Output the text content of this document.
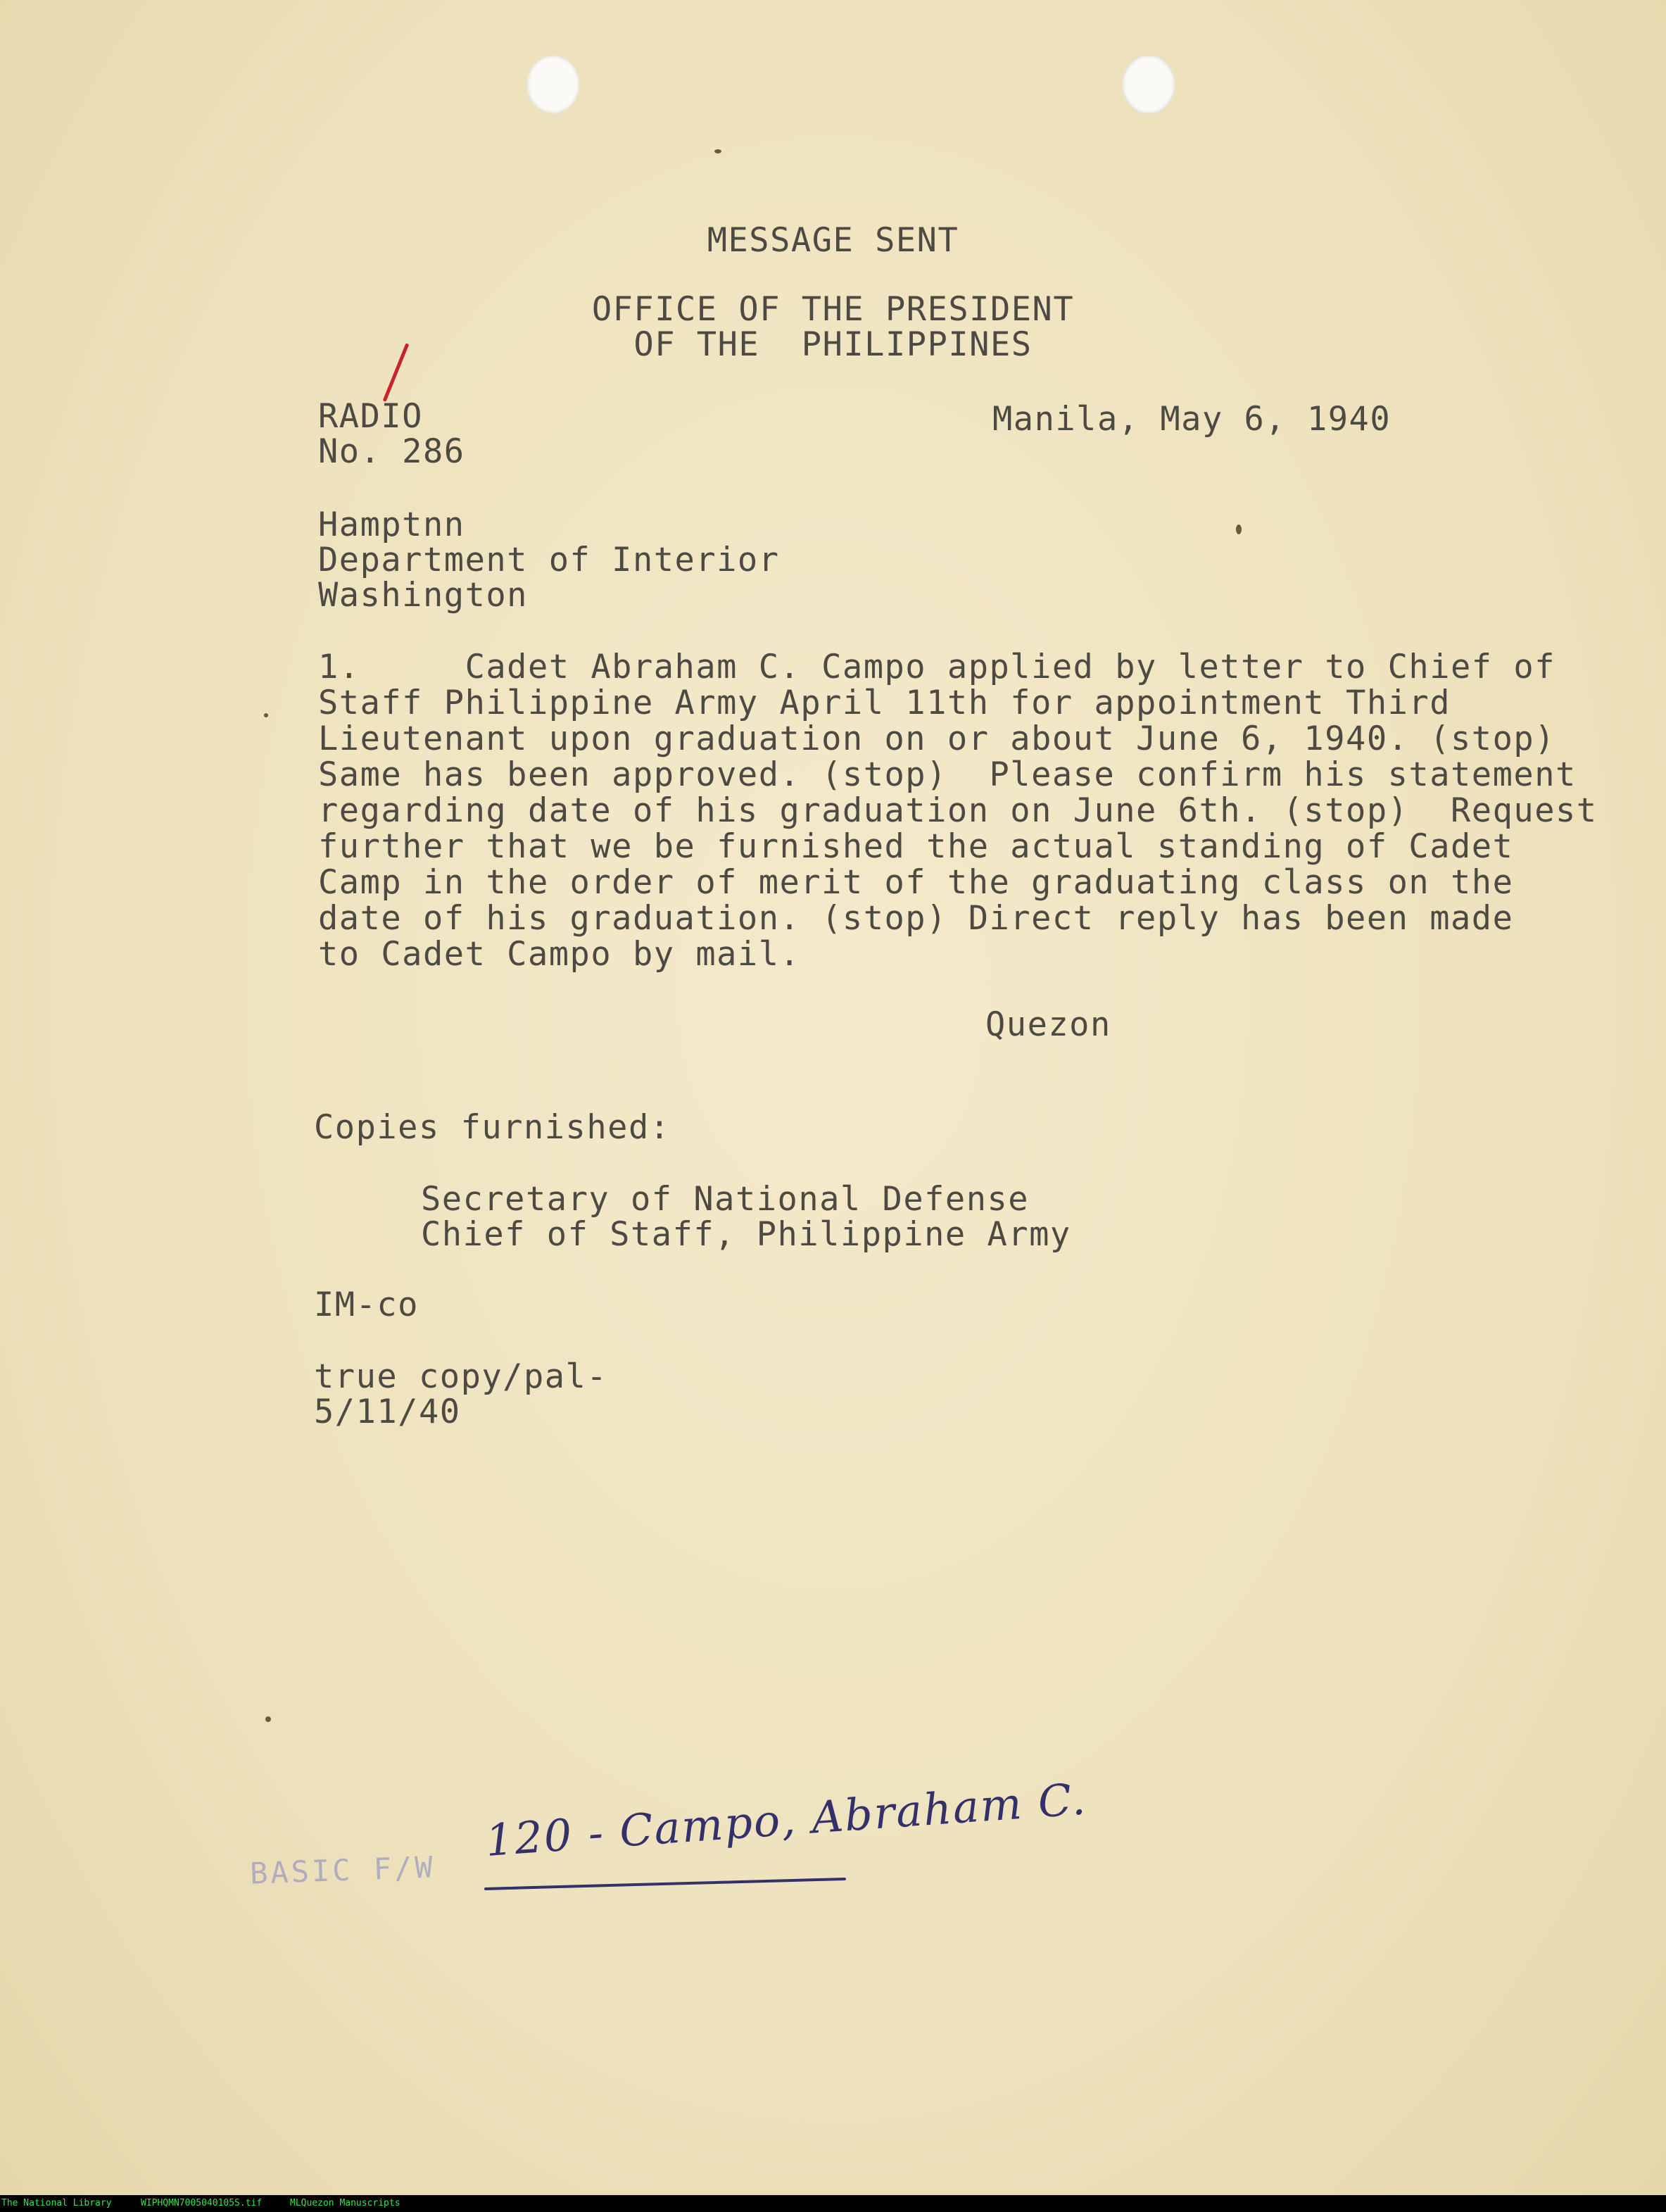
MESSAGE SENT
OFFICE OF THE PRESIDENT
OF THE  PHILIPPINES
RADIO
No. 286
Manila, May 6, 1940
Hamptnn
Department of Interior
Washington
1.     Cadet Abraham C. Campo applied by letter to Chief of
Staff Philippine Army April 11th for appointment Third
Lieutenant upon graduation on or about June 6, 1940. (stop)
Same has been approved. (stop)  Please confirm his statement
regarding date of his graduation on June 6th. (stop)  Request
further that we be furnished the actual standing of Cadet
Camp in the order of merit of the graduating class on the
date of his graduation. (stop) Direct reply has been made
to Cadet Campo by mail.
Quezon
Copies furnished:
Secretary of National Defense
Chief of Staff, Philippine Army
IM-co
true copy/pal-
5/11/40
BASIC F/W
120 - Campo, Abraham C.
The National Library	WIPHQMN7005040105S.tif	MLQuezon Manuscripts
